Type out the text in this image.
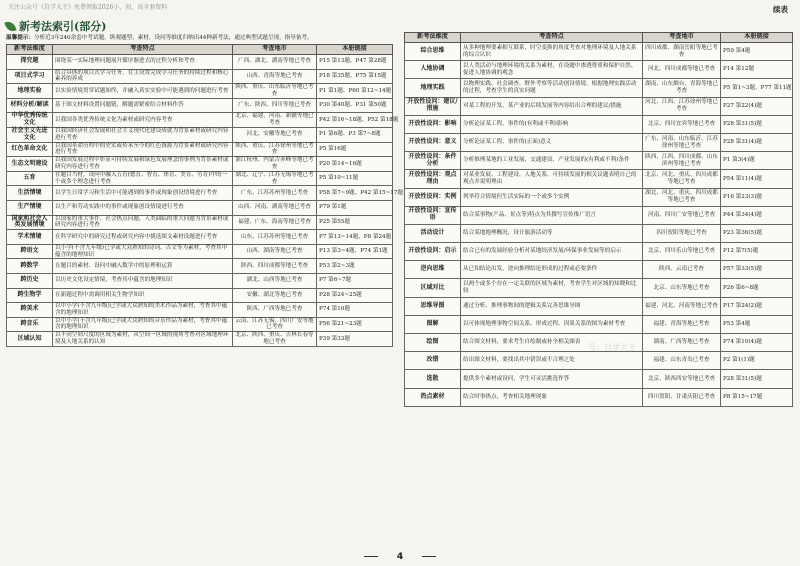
关注公众号《自学大王》免费领取2026小、初、高全套资料	续表
新考法索引(部分)
温馨提示：分析近3年240余套中考试题，纵观题型、素材，设问等维度归纳出44种新考法，通过典型试题呈现，指导备考。
新考法维度	考查特点	考查地市	本册链接
探究题	围绕某一实际地理问题展开循序渐进式的过程分析和考查	广西、湖北、湖南等地已考查	P15 第13题、P47 第28题
项目式学习	结合具体的项目式学习任务，在主设置完成学习任务的持续过程和核心素养的养成	山西、青海等地已考查	P18 第35题、P75 第15题
地理实验	以实验情境贯穿试题始终，并融入真实实验中可能遇到的问题进行考查	陕西、重庆、山东临沂等地已考查	P1 第1题、P60 第12~14题
材料分析/解读	基于图文材料设置问题链，解题需紧密结合材料作答	广东、陕西、四川等地已考查	P30 第40题、P31 第50题
中华优秀传统文化	以我国各类优秀传统文化为素材或研究内容考查	北京、福建、河南、新疆等地已考查	P42 第16~18题、P52 第18题
社会主义先进文化	以我国经济社会发展和社会主义现代化建设成就为背景素材或研究内容进行考查	河北、安徽等地已考查	P1 第6题、P3 第7~8题
红色革命文化	以我国革命历程中的史实或传承至今的红色資源为背景素材或研究内容进行考查	陕西、重庆、江苏徐州等地已考查	P5 第16题
生态文明建设	以我国发展过程中彰显可持续发展和绿色发展理念的事例为背景素材或研究内容进行考查	浙江杭州、内蒙古赤峰等地已考查	P20 第14~16题
五育	在题目当材，设问中融入五育(德育、智育、体育、美育、劳育)中的一个或多个理念进行考查	湖北、辽宁、江苏无锡等地已考查	P5 第10~11题
生活情境	以学生日常学习和生活中可能遇到的事件或现象创设情境进行考查	广东、江苏苏州等地已考查	P58 第7~9题、P42 第15~17题
生产情境	以生产和劳动实践中的事件或现象创设情境进行考查	山西、河南、湖南等地已考查	P79 第1题
国家和社会人类发展情境	以国家的重大事件、社会热点问题、人类面临的重大问题为背景素材或研究内容进行考查	福建、广东、海南等地已考查	P25 第55题
学术情境	在科学研究中的研究过程或研究内容中挑选图文素材设题进行考查	山东、江苏苏州等地已考查	P7 第13~14题、P8 第24题
跨语文	以小学(不含九年级)已学或大众熟知的诗词、古文等为素材，考查其中蕴含的地理知识	山西、湖南等地已考查	P13 第3~4题、P74 第1题
跨数学	在题目的素材、设问中融入数学中的原理和运算	陕西、四川成都等地已考查	P53 第2~3题
跨历史	以历史文化设定情境，考查其中蕴含的地理知识	湖北、山西等地已考查	P7 第6~7题
跨生物学	在新题过程中需调用相关生物学知识	安徽、湖北等地已考查	P28 第24~25题
跨美术	以中小学(不含九年级)已学或大众熟知的美术作品为素材，考查其中蕴含的地理知识	陕西、广西等地已考查	P74 第10题
跨音乐	以中小学(不含九年级)已学或大众熟知的音乐作品为素材，考查其中蕴含的地理知识	云南、江苏无锡、四川广安等地已考查	P56 第21~23题
区域认知	以不同空间尺度的区域为素材，从空间一区域的视角考查对区域地理环境及人地关系的认知	北京、陕西、重庆、吉林长春等地已考查	P39 第33题
新考法维度	考查特点	考查地市	本册链接
综合思维	从多种地理要素相互联系，时空变换的角度考查对地理环境及人地关系的综合认识	四川成都、湖南岳阳等地已考查	P59 第4题
人地协调	以人类活动与地理环境的关系为素材，在设题中渗透尊重和保护自然、促进人地协调的观念	河北、四川成都等地已考查	P14 第12题
地理实践	以物理实践、社会调查、野外考察等活动创设情境，根据地理实践活动的过程，考查学生的真实问题	湖南、山东烟台、青海等地已考查	P5 第1~3题、P77 第11题
开放性设问：建议/措施	对某工程的开发、某产业的后续发展等内容给出合理的建议/措施	河北、江西、江苏徐州等地已考查	P27 第22(4)题
开放性设问：影响	分析论证某工程、事件的(有利或不利)影响	北京、四川宜宾等地已考查	P28 第31(5)题
开放性设问：意义	分析论证某工程、事件的(正面)意义	广东、河南、山东临沂、江苏徐州等地已考查	P28 第31(4)题
开放性设问：条件分析	分析推理某地的工业发展、交通建设、产业发展的(有利或不利)条件	陕西、江西、四川成都、山东滨州等地已考查	P1 第3(4)题
开放性设问：观点理由	对某业发展、工程建设、人地关系、可持续发展的相关议题表明自己的观点并说明理由	北京、河北、重庆、四川成都等地已考查	P54 第11(4)题
开放性设问：实例	列举符合情境但生活实际的一个或多个实例	湖北、河北、重庆、四川成都等地已考查	P16 第23(3)题
开放性设问：宣传语	结合某事物(产品、景点等)特点为其撰写宣传推广语言	河南、四川广安等地已考查	P44 第34(4)题
活动设计	结合某地地理概况，设计旅游活动等	四川贺阳等地已考查	P23 第36(5)题
开放性设问：启示	结合已有的发展经验分析对某地经济发展/环保事业发展等的启示	北京、四川乐山等地已考查	P12 第7(5)题
逆向思维	从已知结论出发，逆向推理结论形成的过程或必要条件	陕西、云南已考查	P57 第33(5)题
区域对比	以两个或多个存在一定关联的区域为素材，考查学生对区域的知晓和比较	北京、山东等地已考查	P26 第6~8题
思维导图	通过分析、推理事物间的逻辑关系完善思维导图	福建、河北、河南等地已考查	P17 第24(2)题
图解	以可体现地理事物空间关系、形成过程、因果关系的图为素材考查	福建、青海等地已考查	P53 第4题
绘图	结合图文材料，要求考生自绘制或补全相关图表	湖南、广西等地已考查	P74 第10(4)题
改错	给出图文材料，要找出其中错误或不合理之处	福建、山东青岛已考查	P2 第1(1)题
选散	提供多个素材或设问，学生可灵活挑选作答	北京、陕西西安等地已考查	P28 第31(5)题
热点素材	结合时事热点，考查相关地理现象	四川贺阳、甘肃庆阳已考查	P8 第15~17题
号：自学大王
4
